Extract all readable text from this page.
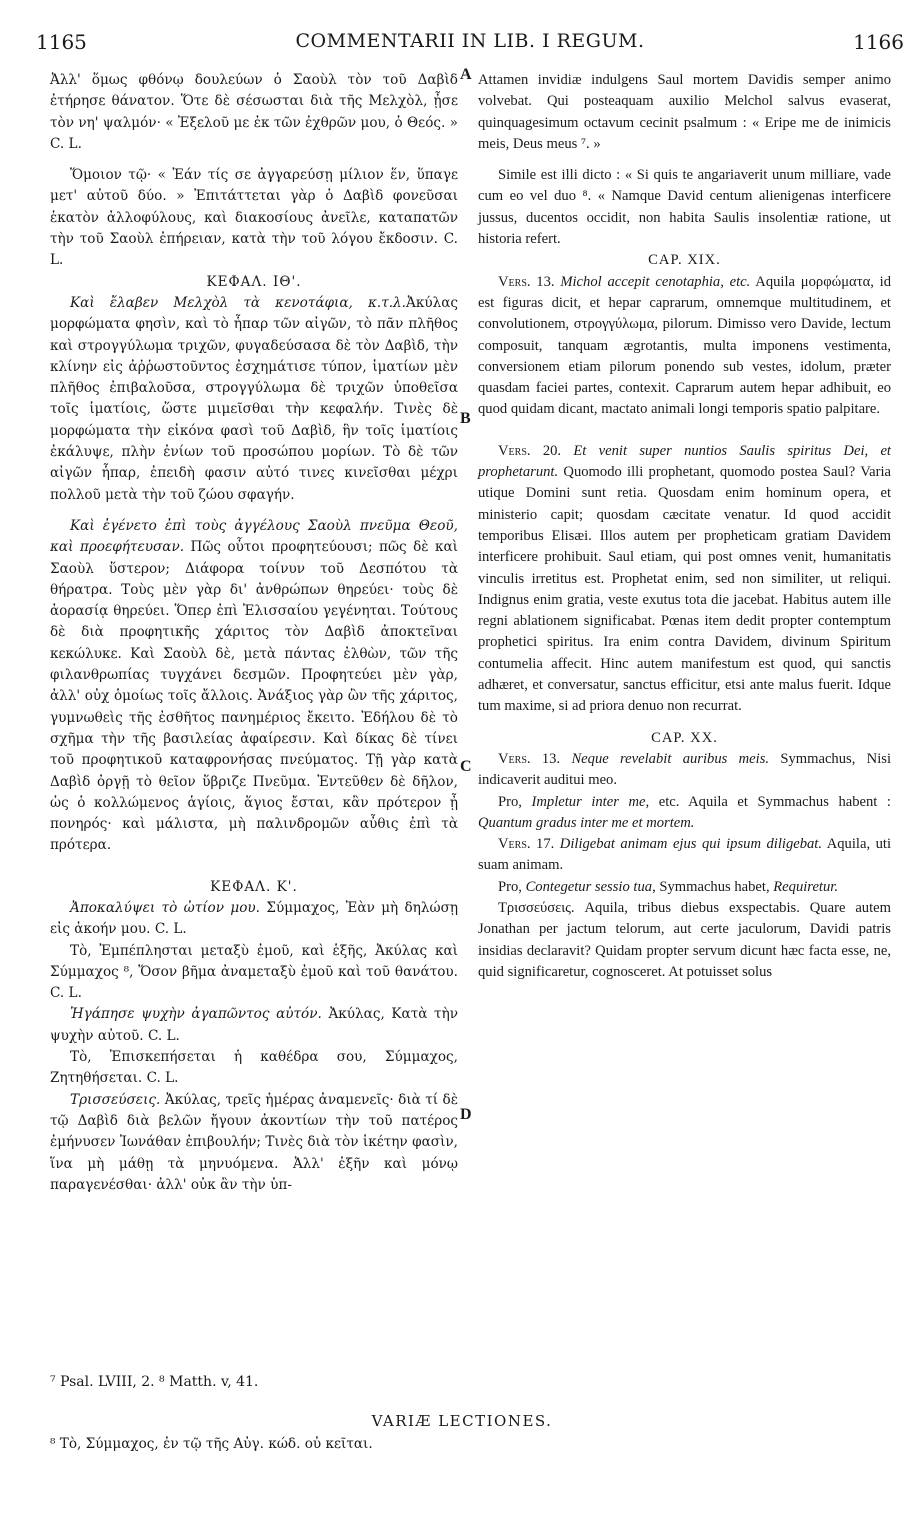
1165	COMMENTARII IN LIB. I REGUM.	1166
A
B
C
D

Ἀλλ' ὅμως φθόνῳ δουλεύων ὁ Σαοὺλ τὸν τοῦ Δαβὶδ ἐτήρησε θάνατον. Ὅτε δὲ σέσωσται διὰ τῆς Μελχὸλ, ᾖσε τὸν νη' ψαλμόν· « Ἐξελοῦ με ἐκ τῶν ἐχθρῶν μου, ὁ Θεός. » C. L.

Ὅμοιον τῷ· « Ἐάν τίς σε ἀγγαρεύσῃ μίλιον ἕν, ὕπαγε μετ' αὐτοῦ δύο. » Ἐπιτάττεται γὰρ ὁ Δαβὶδ φονεῦσαι ἑκατὸν ἀλλοφύλους, καὶ διακοσίους ἀνεῖλε, καταπατῶν τὴν τοῦ Σαοὺλ ἐπήρειαν, κατὰ τὴν τοῦ λόγου ἔκδοσιν. C. L.

ΚΕΦΑΛ. ΙΘ'.

Καὶ ἔλαβεν Μελχὸλ τὰ κενοτάφια, κ.τ.λ.Ἀκύλας μορφώματα φησὶν, καὶ τὸ ἧπαρ τῶν αἰγῶν, τὸ πᾶν πλῆθος καὶ στρογγύλωμα τριχῶν, φυγαδεύσασα δὲ τὸν Δαβὶδ, τὴν κλίνην εἰς ἀῤῥωστοῦντος ἐσχημάτισε τύπον, ἱματίων μὲν πλῆθος ἐπιβαλοῦσα, στρογγύλωμα δὲ τριχῶν ὑποθεῖσα τοῖς ἱματίοις, ὥστε μιμεῖσθαι τὴν κεφαλήν. Τινὲς δὲ μορφώματα τὴν εἰκόνα φασὶ τοῦ Δαβὶδ, ἣν τοῖς ἱματίοις ἐκάλυψε, πλὴν ἐνίων τοῦ προσώπου μορίων. Τὸ δὲ τῶν αἰγῶν ἧπαρ, ἐπειδὴ φασιν αὐτό τινες κινεῖσθαι μέχρι πολλοῦ μετὰ τὴν τοῦ ζώου σφαγήν.

Καὶ ἐγένετο ἐπὶ τοὺς ἀγγέλους Σαοὺλ πνεῦμα Θεοῦ, καὶ προεφήτευσαν. Πῶς οὗτοι προφητεύουσι; πῶς δὲ καὶ Σαοὺλ ὕστερον; Διάφορα τοίνυν τοῦ Δεσπότου τὰ θήρατρα. Τοὺς μὲν γὰρ δι' ἀνθρώπων θηρεύει· τοὺς δὲ ἀορασίᾳ θηρεύει. Ὅπερ ἐπὶ Ἐλισσαίου γεγένηται. Τούτους δὲ διὰ προφητικῆς χάριτος τὸν Δαβὶδ ἀποκτεῖναι κεκώλυκε. Καὶ Σαοὺλ δὲ, μετὰ πάντας ἐλθὼν, τῶν τῆς φιλανθρωπίας τυγχάνει δεσμῶν. Προφητεύει μὲν γὰρ, ἀλλ' οὐχ ὁμοίως τοῖς ἄλλοις. Ἀνάξιος γὰρ ὢν τῆς χάριτος, γυμνωθεὶς τῆς ἐσθῆτος πανημέριος ἔκειτο. Ἐδήλου δὲ τὸ σχῆμα τὴν τῆς βασιλείας ἀφαίρεσιν. Καὶ δίκας δὲ τίνει τοῦ προφητικοῦ καταφρονήσας πνεύματος. Τῇ γὰρ κατὰ Δαβὶδ ὀργῇ τὸ θεῖον ὕβριζε Πνεῦμα. Ἐντεῦθεν δὲ δῆλον, ὡς ὁ κολλώμενος ἁγίοις, ἅγιος ἔσται, κἂν πρότερον ᾖ πονηρός· καὶ μάλιστα, μὴ παλινδρομῶν αὖθις ἐπὶ τὰ πρότερα.

ΚΕΦΑΛ. Κ'.

Ἀποκαλύψει τὸ ὠτίον μου. Σύμμαχος, Ἐὰν μὴ δηλώσῃ εἰς ἀκοήν μου. C. L.

Τὸ, Ἐμπέπλησται μεταξὺ ἐμοῦ, καὶ ἑξῆς, Ἀκύλας καὶ Σύμμαχος ⁸, Ὅσον βῆμα ἀναμεταξὺ ἐμοῦ καὶ τοῦ θανάτου. C. L.

Ἠγάπησε ψυχὴν ἀγαπῶντος αὐτόν. Ἀκύλας, Κατὰ τὴν ψυχὴν αὐτοῦ. C. L.

Τὸ, Ἐπισκεπήσεται ἡ καθέδρα σου, Σύμμαχος, Ζητηθήσεται. C. L.

Τρισσεύσεις. Ἀκύλας, τρεῖς ἡμέρας ἀναμενεῖς· διὰ τί δὲ τῷ Δαβὶδ διὰ βελῶν ἤγουν ἀκοντίων τὴν τοῦ πατέρος ἐμήνυσεν Ἰωνάθαν ἐπιβουλήν; Τινὲς διὰ τὸν ἱκέτην φασὶν, ἵνα μὴ μάθῃ τὰ μηνυόμενα. Ἀλλ' ἐξῆν καὶ μόνῳ παραγενέσθαι· ἀλλ' οὐκ ἂν τὴν ὑπ-

Attamen invidiæ indulgens Saul mortem Davidis semper animo volvebat. Qui posteaquam auxilio Melchol salvus evaserat, quinquagesimum octavum cecinit psalmum : « Eripe me de inimicis meis, Deus meus ⁷. »

Simile est illi dicto : « Si quis te angariaverit unum milliare, vade cum eo vel duo ⁸. « Namque David centum alienigenas interficere jussus, ducentos occidit, non habita Saulis insolentiæ ratione, ut historia refert.

CAP. XIX.

Vers. 13. Michol accepit cenotaphia, etc. Aquila μορφώματα, id est figuras dicit, et hepar caprarum, omnemque multitudinem, et convolutionem, στρογγύλωμα, pilorum. Dimisso vero Davide, lectum composuit, tanquam ægrotantis, multa imponens vestimenta, conversionem etiam pilorum ponendo sub vestes, idolum, præter quasdam faciei partes, contexit. Caprarum autem hepar adhibuit, eo quod quidam dicant, mactato animali longi temporis spatio palpitare.

Vers. 20. Et venit super nuntios Saulis spiritus Dei, et prophetarunt. Quomodo illi prophetant, quomodo postea Saul? Varia utique Domini sunt retia. Quosdam enim hominum opera, et ministerio capit; quosdam cæcitate venatur. Id quod accidit temporibus Elisæi. Illos autem per propheticam gratiam Davidem interficere prohibuit. Saul etiam, qui post omnes venit, humanitatis vinculis irretitus est. Prophetat enim, sed non similiter, ut reliqui. Indignus enim gratia, veste exutus tota die jacebat. Habitus autem ille regni ablationem significabat. Pœnas item dedit propter contemptum prophetici spiritus. Ira enim contra Davidem, divinum Spiritum contumelia affecit. Hinc autem manifestum est quod, qui sanctis adhæret, et conversatur, sanctus efficitur, etsi ante malus fuerit. Idque tum maxime, si ad priora denuo non recurrat.

CAP. XX.

Vers. 13. Neque revelabit auribus meis. Symmachus, Nisi indicaverit auditui meo.

Pro, Impletur inter me, etc. Aquila et Symmachus habent : Quantum gradus inter me et mortem.

Vers. 17. Diligebat animam ejus qui ipsum diligebat. Aquila, uti suam animam.

Pro, Contegetur sessio tua, Symmachus habet, Requiretur.

Τρισσεύσεις. Aquila, tribus diebus exspectabis. Quare autem Jonathan per jactum telorum, aut certe jaculorum, Davidi patris insidias declaravit? Quidam propter servum dicunt hæc facta esse, ne, quid significaretur, cognosceret. At potuisset solus

⁷ Psal. LVIII, 2. ⁸ Matth. v, 41.
VARIÆ LECTIONES.
⁸ Τὸ, Σύμμαχος, ἐν τῷ τῆς Αὐγ. κώδ. οὐ κεῖται.
